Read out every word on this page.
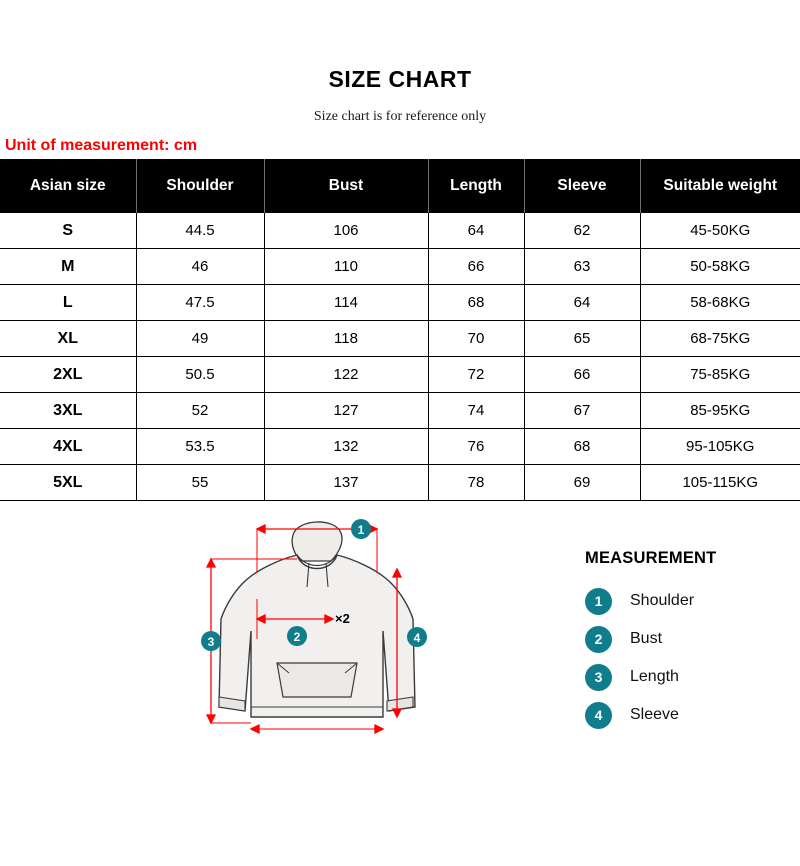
SIZE CHART
Size chart is for reference only
Unit of measurement: cm
Asian size	Shoulder	Bust	Length	Sleeve	Suitable weight
S	44.5	106	64	62	45-50KG
M	46	110	66	63	50-58KG
L	47.5	114	68	64	58-68KG
XL	49	118	70	65	68-75KG
2XL	50.5	122	72	66	75-85KG
3XL	52	127	74	67	85-95KG
4XL	53.5	132	76	68	95-105KG
5XL	55	137	78	69	105-115KG
×2
1
2
3	4
MEASUREMENT
1	Shoulder
2	Bust
3	Length
4	Sleeve
